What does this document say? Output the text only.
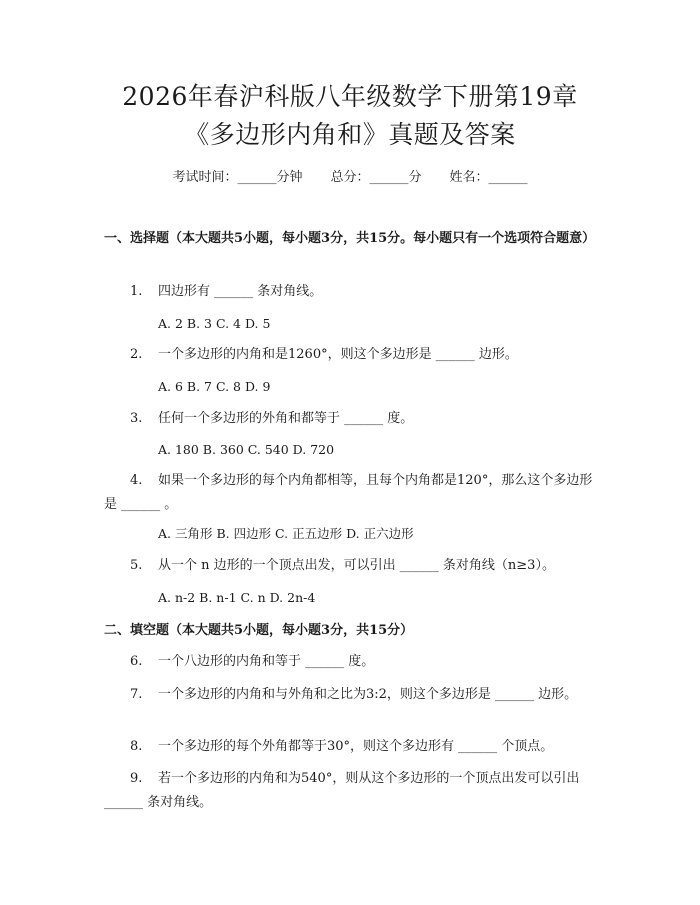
2026年春沪科版八年级数学下册第19章
《多边形内角和》真题及答案
考试时间：______分钟 总分：______分 姓名：______
一、选择题（本大题共5小题，每小题3分，共15分。每小题只有一个选项符合题意）
1. 四边形有 ______ 条对角线。
A. 2 B. 3 C. 4 D. 5
2. 一个多边形的内角和是1260°，则这个多边形是 ______ 边形。
A. 6 B. 7 C. 8 D. 9
3. 任何一个多边形的外角和都等于 ______ 度。
A. 180 B. 360 C. 540 D. 720
4. 如果一个多边形的每个内角都相等，且每个内角都是120°，那么这个多边形是 ______ 。
A. 三角形 B. 四边形 C. 正五边形 D. 正六边形
5. 从一个 n 边形的一个顶点出发，可以引出 ______ 条对角线（n≥3）。
A. n-2 B. n-1 C. n D. 2n-4
二、填空题（本大题共5小题，每小题3分，共15分）
6. 一个八边形的内角和等于 ______ 度。
7. 一个多边形的内角和与外角和之比为3:2，则这个多边形是 ______ 边形。
8. 一个多边形的每个外角都等于30°，则这个多边形有 ______ 个顶点。
9. 若一个多边形的内角和为540°，则从这个多边形的一个顶点出发可以引出 ______ 条对角线。
